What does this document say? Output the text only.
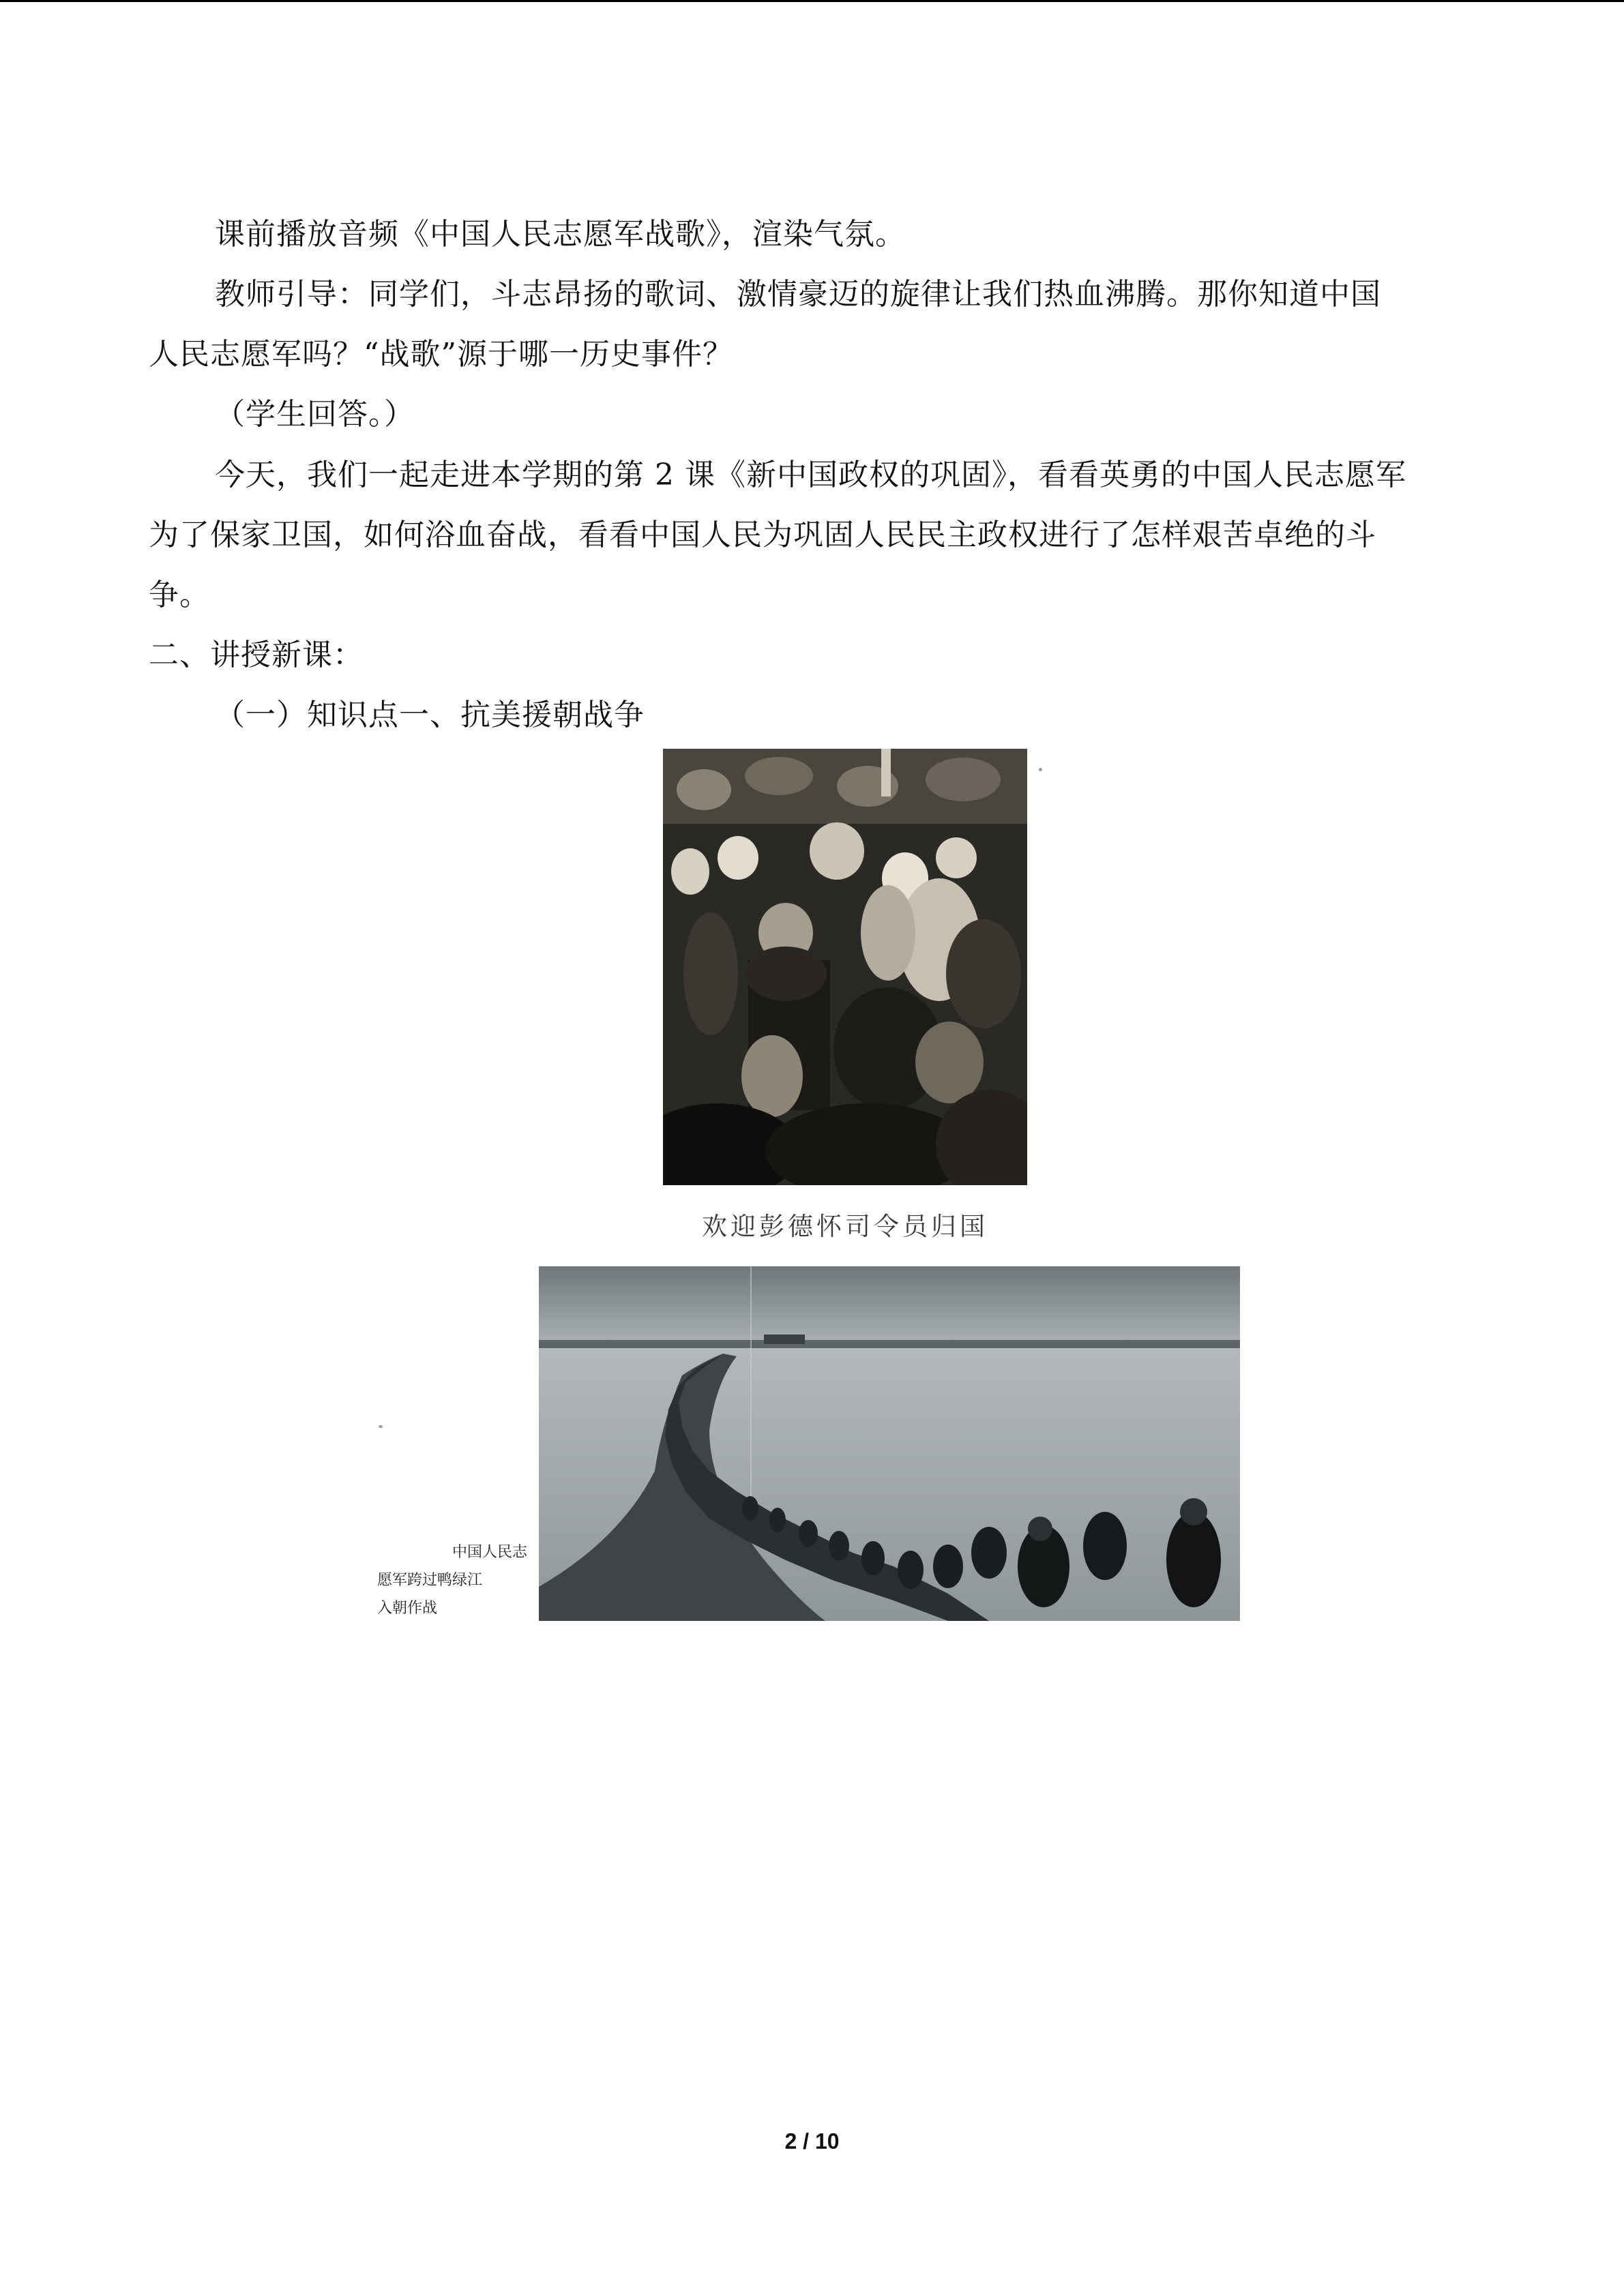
课前播放音频《中国人民志愿军战歌》，渲染气氛。
教师引导：同学们，斗志昂扬的歌词、激情豪迈的旋律让我们热血沸腾。那你知道中国
人民志愿军吗？“战歌”源于哪一历史事件？
（学生回答。）
今天，我们一起走进本学期的第 2 课《新中国政权的巩固》，看看英勇的中国人民志愿军
为了保家卫国，如何浴血奋战，看看中国人民为巩固人民民主政权进行了怎样艰苦卓绝的斗
争。
二、讲授新课：
（一）知识点一、抗美援朝战争
欢迎彭德怀司令员归国
中国人民志
愿军跨过鸭绿江
入朝作战
2 / 10
